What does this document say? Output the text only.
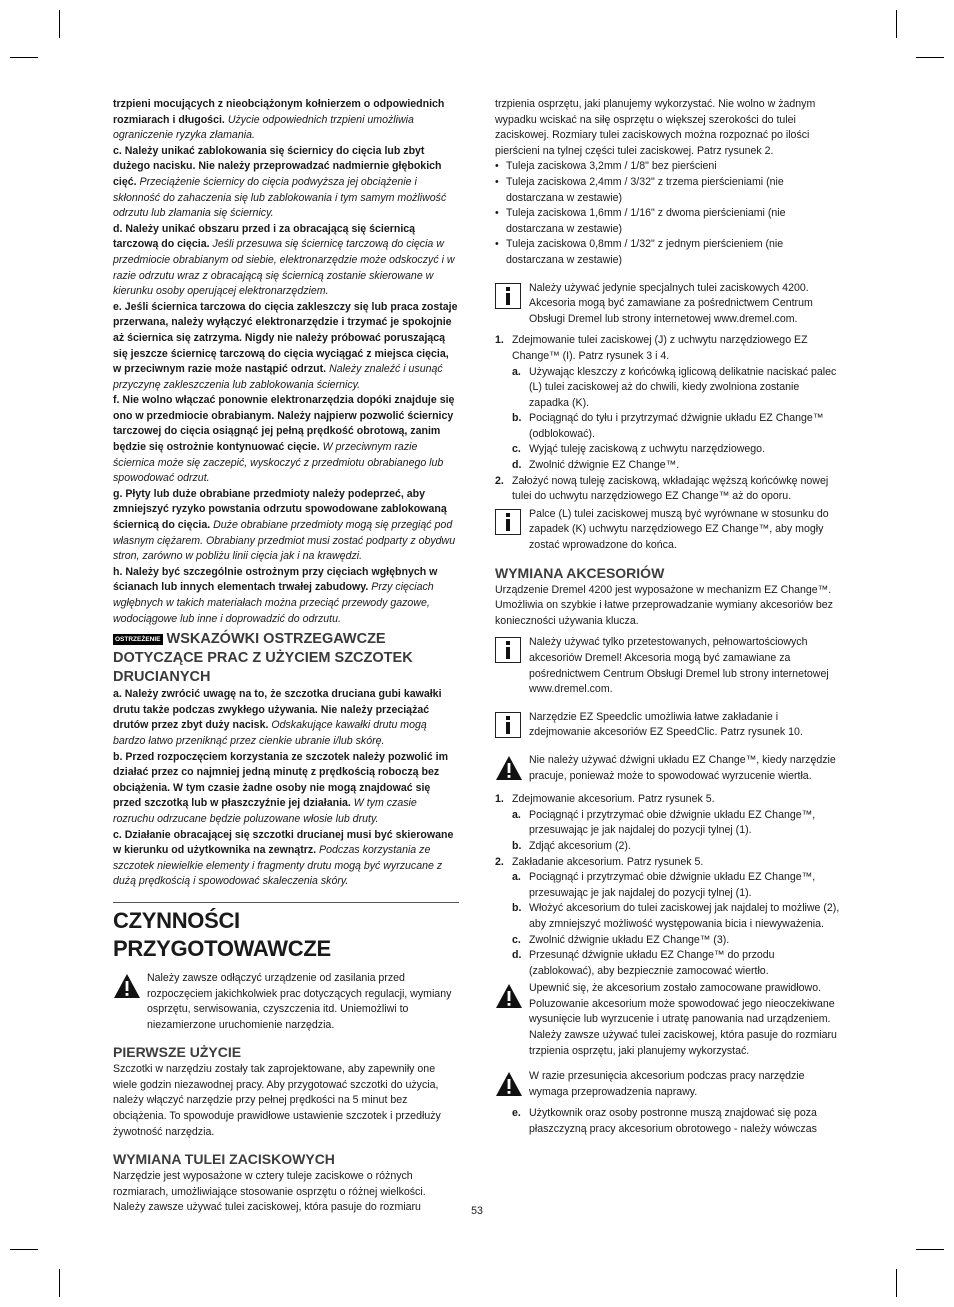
trzpieni mocujących z nieobciążonym kołnierzem o odpowiednich rozmiarach i długości. Użycie odpowiednich trzpieni umożliwia ograniczenie ryzyka złamania.

c. Należy unikać zablokowania się ściernicy do cięcia lub zbyt dużego nacisku. Nie należy przeprowadzać nadmiernie głębokich cięć. Przeciążenie ściernicy do cięcia podwyższa jej obciążenie i skłonność do zahaczenia się lub zablokowania i tym samym możliwość odrzutu lub złamania się ściernicy.

d. Należy unikać obszaru przed i za obracającą się ściernicą tarczową do cięcia. Jeśli przesuwa się ściernicę tarczową do cięcia w przedmiocie obrabianym od siebie, elektronarzędzie może odskoczyć i w razie odrzutu wraz z obracającą się ściernicą zostanie skierowane w kierunku osoby operującej elektronarzędziem.

e. Jeśli ściernica tarczowa do cięcia zakleszczy się lub praca zostaje przerwana, należy wyłączyć elektronarzędzie i trzymać je spokojnie aż ściernica się zatrzyma. Nigdy nie należy próbować poruszającą się jeszcze ściernicę tarczową do cięcia wyciągać z miejsca cięcia, w przeciwnym razie może nastąpić odrzut. Należy znaleźć i usunąć przyczynę zakleszczenia lub zablokowania ściernicy.

f. Nie wolno włączać ponownie elektronarzędzia dopóki znajduje się ono w przedmiocie obrabianym. Należy najpierw pozwolić ściernicy tarczowej do cięcia osiągnąć jej pełną prędkość obrotową, zanim będzie się ostrożnie kontynuować cięcie. W przeciwnym razie ściernica może się zaczepić, wyskoczyć z przedmiotu obrabianego lub spowodować odrzut.

g. Płyty lub duże obrabiane przedmioty należy podeprzeć, aby zmniejszyć ryzyko powstania odrzutu spowodowane zablokowaną ściernicą do cięcia. Duże obrabiane przedmioty mogą się przegiąć pod własnym ciężarem. Obrabiany przedmiot musi zostać podparty z obydwu stron, zarówno w pobliżu linii cięcia jak i na krawędzi.

h. Należy być szczególnie ostrożnym przy cięciach wgłębnych w ścianach lub innych elementach trwałej zabudowy. Przy cięciach wgłębnych w takich materiałach można przeciąć przewody gazowe, wodociągowe lub inne i doprowadzić do odrzutu.

OSTRZEŻENIE WSKAZÓWKI OSTRZEGAWCZE DOTYCZĄCE PRAC Z UŻYCIEM SZCZOTEK DRUCIANYCH

a. Należy zwrócić uwagę na to, że szczotka druciana gubi kawałki drutu także podczas zwykłego używania. Nie należy przeciążać drutów przez zbyt duży nacisk. Odskakujące kawałki drutu mogą bardzo łatwo przeniknąć przez cienkie ubranie i/lub skórę.

b. Przed rozpoczęciem korzystania ze szczotek należy pozwolić im działać przez co najmniej jedną minutę z prędkością roboczą bez obciążenia. W tym czasie żadne osoby nie mogą znajdować się przed szczotką lub w płaszczyźnie jej działania. W tym czasie rozruchu odrzucane będzie poluzowane włosie lub druty.

c. Działanie obracającej się szczotki drucianej musi być skierowane w kierunku od użytkownika na zewnątrz. Podczas korzystania ze szczotek niewielkie elementy i fragmenty drutu mogą być wyrzucane z dużą prędkością i spowodować skaleczenia skóry.

CZYNNOŚCI PRZYGOTOWAWCZE

Należy zawsze odłączyć urządzenie od zasilania przed rozpoczęciem jakichkolwiek prac dotyczących regulacji, wymiany osprzętu, serwisowania, czyszczenia itd. Uniemożliwi to niezamierzone uruchomienie narzędzia.

PIERWSZE UŻYCIE

Szczotki w narzędziu zostały tak zaprojektowane, aby zapewniły one wiele godzin niezawodnej pracy. Aby przygotować szczotki do użycia, należy włączyć narzędzie przy pełnej prędkości na 5 minut bez obciążenia. To spowoduje prawidłowe ustawienie szczotek i przedłuży żywotność narzędzia.

WYMIANA TULEI ZACISKOWYCH

Narzędzie jest wyposażone w cztery tuleje zaciskowe o różnych rozmiarach, umożliwiające stosowanie osprzętu o różnej wielkości. Należy zawsze używać tulei zaciskowej, która pasuje do rozmiaru

trzpienia osprzętu, jaki planujemy wykorzystać. Nie wolno w żadnym wypadku wciskać na siłę osprzętu o większej szerokości do tulei zaciskowej. Rozmiary tulei zaciskowych można rozpoznać po ilości pierścieni na tylnej części tulei zaciskowej. Patrz rysunek 2.

• Tuleja zaciskowa 3,2mm / 1/8" bez pierścieni
• Tuleja zaciskowa 2,4mm / 3/32" z trzema pierścieniami (nie dostarczana w zestawie)
• Tuleja zaciskowa 1,6mm / 1/16" z dwoma pierścieniami (nie dostarczana w zestawie)
• Tuleja zaciskowa 0,8mm / 1/32" z jednym pierścieniem (nie dostarczana w zestawie)

Należy używać jedynie specjalnych tulei zaciskowych 4200. Akcesoria mogą być zamawiane za pośrednictwem Centrum Obsługi Dremel lub strony internetowej www.dremel.com.

1. Zdejmowanie tulei zaciskowej (J) z uchwytu narzędziowego EZ Change™ (I). Patrz rysunek 3 i 4.
a. Używając kleszczy z końcówką iglicową delikatnie naciskać palec (L) tulei zaciskowej aż do chwili, kiedy zwolniona zostanie zapadka (K).
b. Pociągnąć do tyłu i przytrzymać dźwignie układu EZ Change™ (odblokować).
c. Wyjąć tuleję zaciskową z uchwytu narzędziowego.
d. Zwolnić dźwignie EZ Change™.
2. Założyć nową tuleję zaciskową, wkładając węższą końcówkę nowej tulei do uchwytu narzędziowego EZ Change™ aż do oporu.

Palce (L) tulei zaciskowej muszą być wyrównane w stosunku do zapadek (K) uchwytu narzędziowego EZ Change™, aby mogły zostać wprowadzone do końca.

WYMIANA AKCESORIÓW

Urządzenie Dremel 4200 jest wyposażone w mechanizm EZ Change™. Umożliwia on szybkie i łatwe przeprowadzanie wymiany akcesoriów bez konieczności używania klucza.

Należy używać tylko przetestowanych, pełnowartościowych akcesoriów Dremel! Akcesoria mogą być zamawiane za pośrednictwem Centrum Obsługi Dremel lub strony internetowej www.dremel.com.

Narzędzie EZ Speedclic umożliwia łatwe zakładanie i zdejmowanie akcesoriów EZ SpeedClic. Patrz rysunek 10.

Nie należy używać dźwigni układu EZ Change™, kiedy narzędzie pracuje, ponieważ może to spowodować wyrzucenie wiertła.

1. Zdejmowanie akcesorium. Patrz rysunek 5.
a. Pociągnąć i przytrzymać obie dźwignie układu EZ Change™, przesuwając je jak najdalej do pozycji tylnej (1).
b. Zdjąć akcesorium (2).
2. Zakładanie akcesorium. Patrz rysunek 5.
a. Pociągnąć i przytrzymać obie dźwignie układu EZ Change™, przesuwając je jak najdalej do pozycji tylnej (1).
b. Włożyć akcesorium do tulei zaciskowej jak najdalej to możliwe (2), aby zmniejszyć możliwość występowania bicia i niewyważenia.
c. Zwolnić dźwignie układu EZ Change™ (3).
d. Przesunąć dźwignie układu EZ Change™ do przodu (zablokować), aby bezpiecznie zamocować wiertło.

Upewnić się, że akcesorium zostało zamocowane prawidłowo. Poluzowanie akcesorium może spowodować jego nieoczekiwane wysunięcie lub wyrzucenie i utratę panowania nad urządzeniem. Należy zawsze używać tulei zaciskowej, która pasuje do rozmiaru trzpienia osprzętu, jaki planujemy wykorzystać.

W razie przesunięcia akcesorium podczas pracy narzędzie wymaga przeprowadzenia naprawy.

e. Użytkownik oraz osoby postronne muszą znajdować się poza płaszczyzną pracy akcesorium obrotowego - należy wówczas
53
